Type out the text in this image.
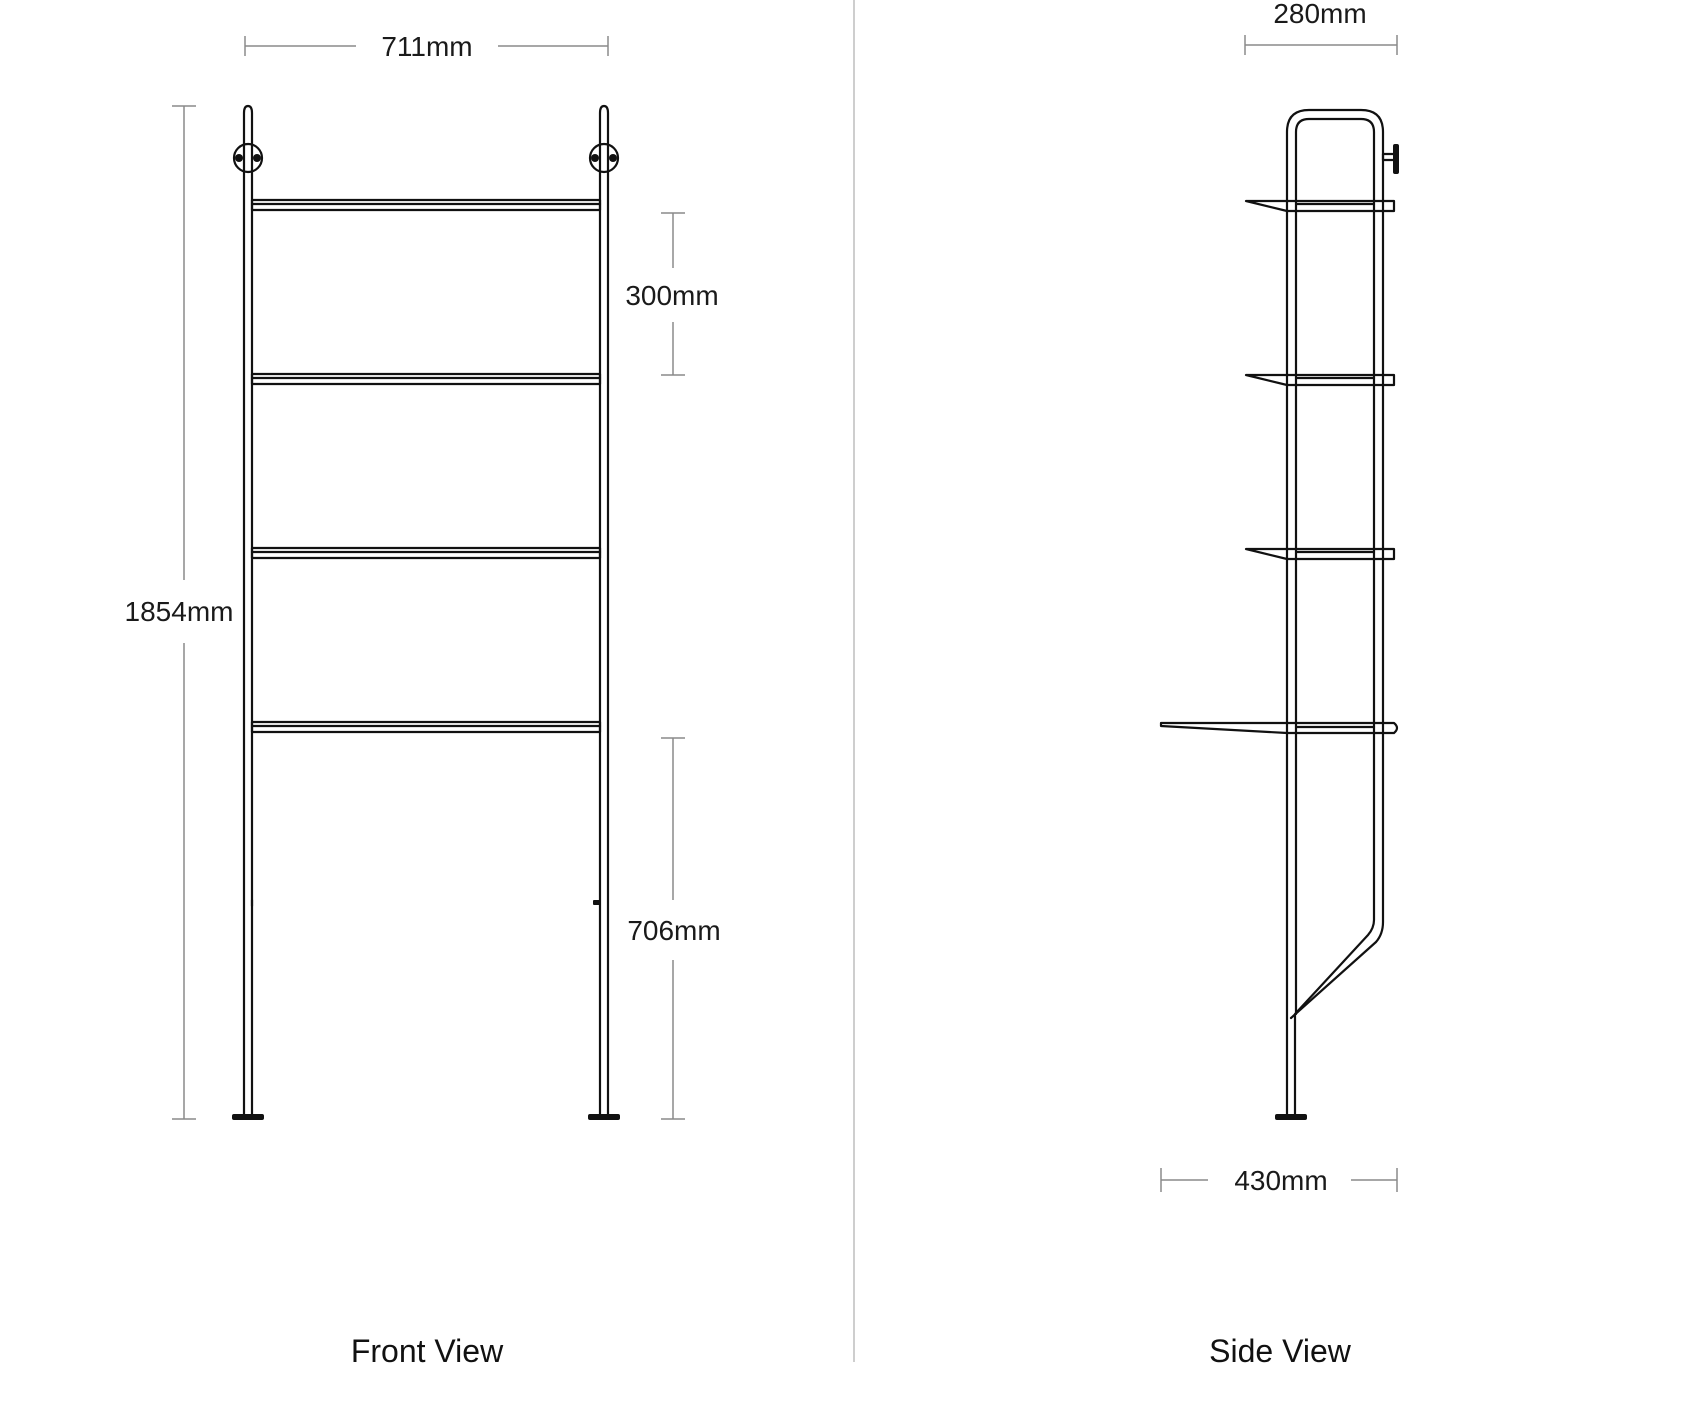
711mm
1854mm
300mm
706mm
Front View
280mm
430mm
Side View
